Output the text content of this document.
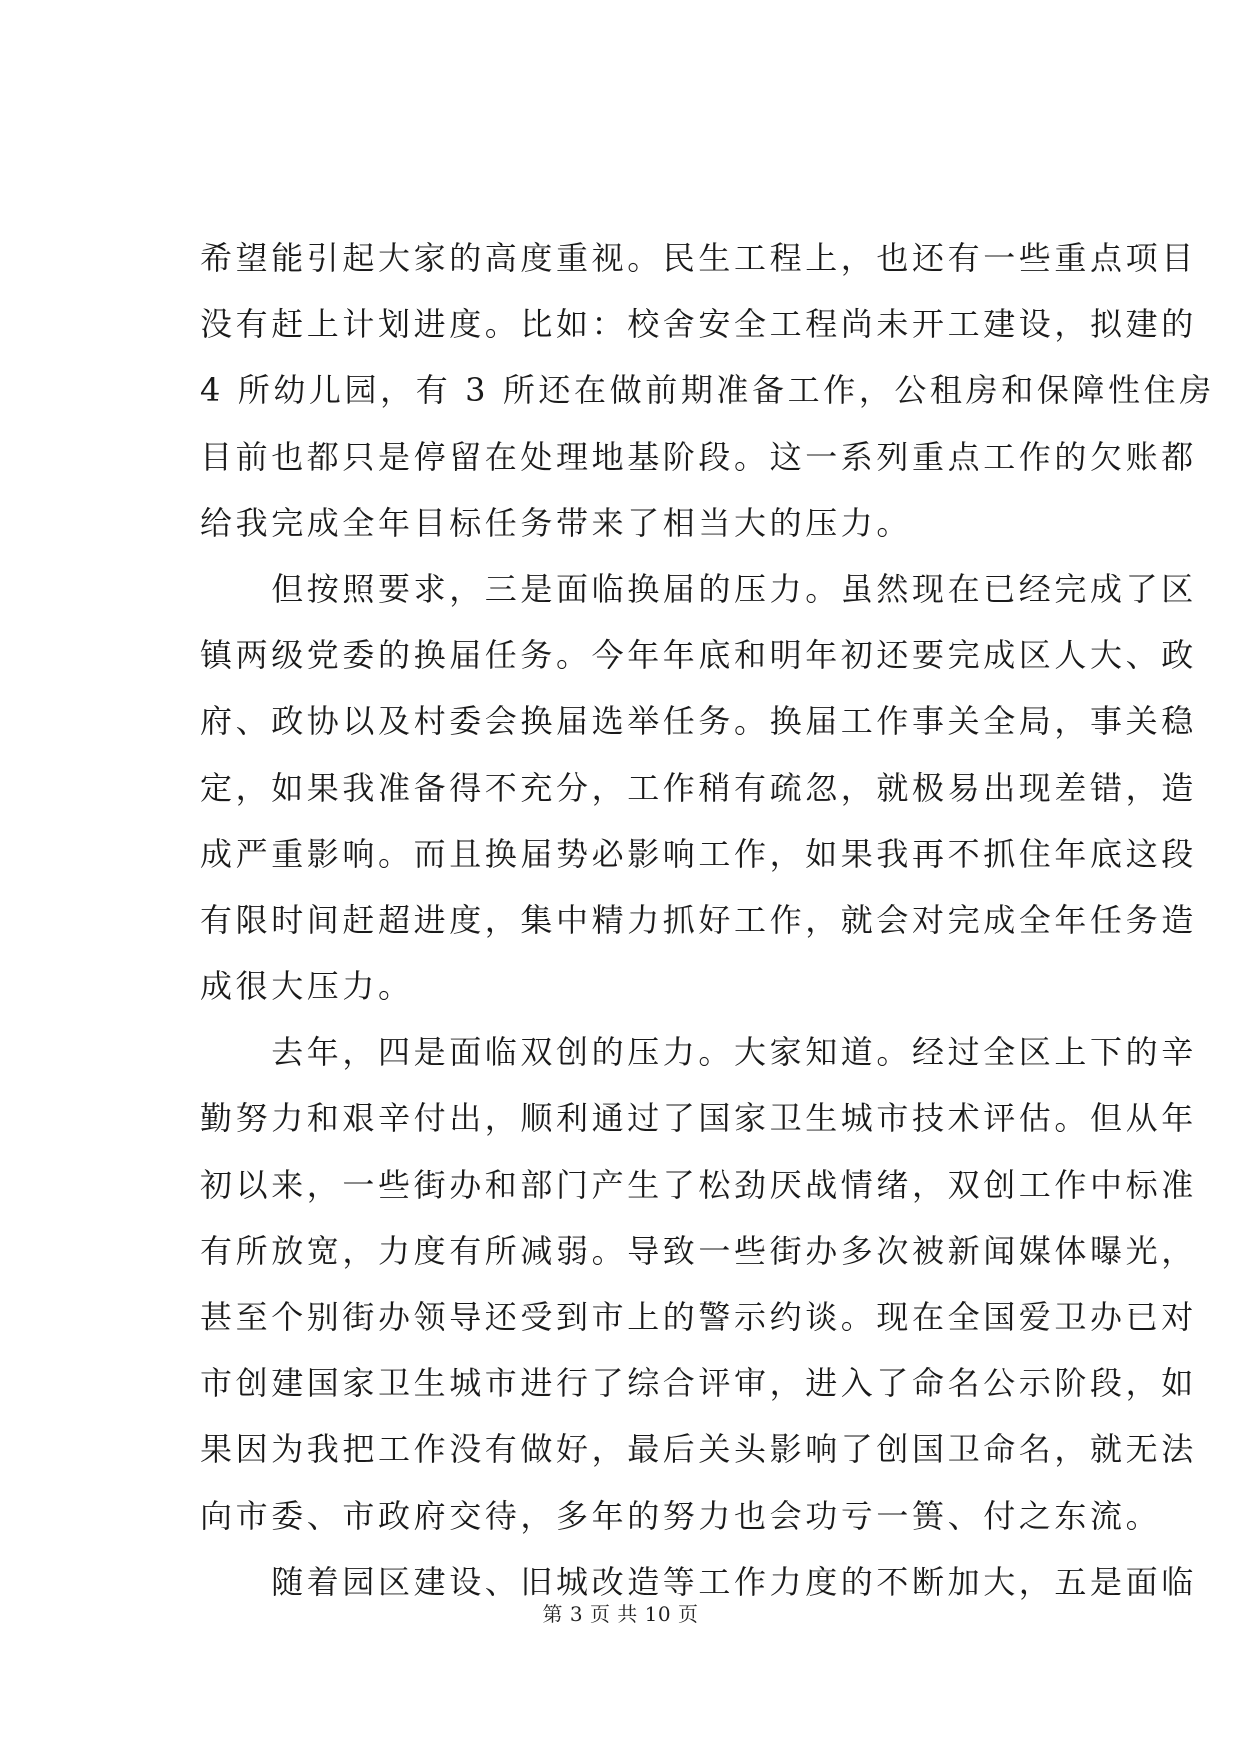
希望能引起大家的高度重视。民生工程上，也还有一些重点项目
没有赶上计划进度。比如：校舍安全工程尚未开工建设，拟建的
4 所幼儿园，有 3 所还在做前期准备工作，公租房和保障性住房
目前也都只是停留在处理地基阶段。这一系列重点工作的欠账都
给我完成全年目标任务带来了相当大的压力。
　　但按照要求，三是面临换届的压力。虽然现在已经完成了区
镇两级党委的换届任务。今年年底和明年初还要完成区人大、政
府、政协以及村委会换届选举任务。换届工作事关全局，事关稳
定，如果我准备得不充分，工作稍有疏忽，就极易出现差错，造
成严重影响。而且换届势必影响工作，如果我再不抓住年底这段
有限时间赶超进度，集中精力抓好工作，就会对完成全年任务造
成很大压力。
　　去年，四是面临双创的压力。大家知道。经过全区上下的辛
勤努力和艰辛付出，顺利通过了国家卫生城市技术评估。但从年
初以来，一些街办和部门产生了松劲厌战情绪，双创工作中标准
有所放宽，力度有所减弱。导致一些街办多次被新闻媒体曝光，
甚至个别街办领导还受到市上的警示约谈。现在全国爱卫办已对
市创建国家卫生城市进行了综合评审，进入了命名公示阶段，如
果因为我把工作没有做好，最后关头影响了创国卫命名，就无法
向市委、市政府交待，多年的努力也会功亏一篑、付之东流。
　　随着园区建设、旧城改造等工作力度的不断加大，五是面临
第 3 页 共 10 页
